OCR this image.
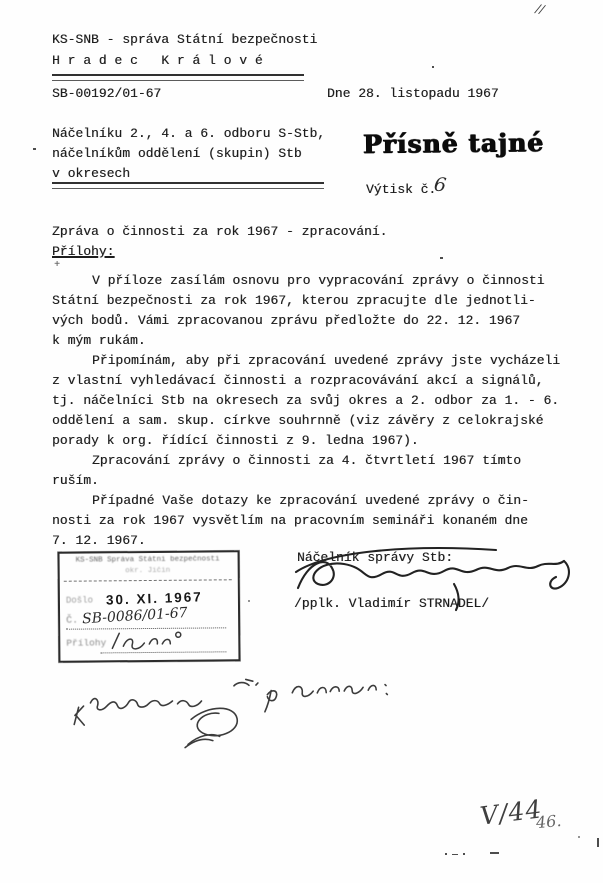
KS-SNB - správa Státní bezpečnosti
H r a d e c   K r á l o v é
SB-00192/01-67	Dne 28. listopadu 1967
Náčelníku 2., 4. a 6. odboru S-Stb,
náčelníkům oddělení (skupin) Stb
v okresech
Přísně tajné
Výtisk č.
6
Zpráva o činnosti za rok 1967 - zpracování.
Přílohy:
+
V příloze zasílám osnovu pro vypracování zprávy o činnosti
Státní bezpečnosti za rok 1967, kterou zpracujte dle jednotli-
vých bodů. Vámi zpracovanou zprávu předložte do 22. 12. 1967
k mým rukám.
Připomínám, aby při zpracování uvedené zprávy jste vycházeli
z vlastní vyhledávací činnosti a rozpracovávání akcí a signálů,
tj. náčelníci Stb na okresech za svůj okres a 2. odbor za 1. - 6.
oddělení a sam. skup. církve souhrnně (viz závěry z celokrajské
porady k org. řídící činnosti z 9. ledna 1967).
Zpracování zprávy o činnosti za 4. čtvrtletí 1967 tímto
ruším.
Případné Vaše dotazy ke zpracování uvedené zprávy o čin-
nosti za rok 1967 vysvětlím na pracovním semináři konaném dne
7. 12. 1967.
KS-SNB Správa Státní bezpečnosti
okr. Jičín
Došlo 30. XI. 1967
Č. SB-0086/01-67
Přílohy
Náčelník správy Stb:
/pplk. Vladimír STRNADEL/
//
V/44
46.
